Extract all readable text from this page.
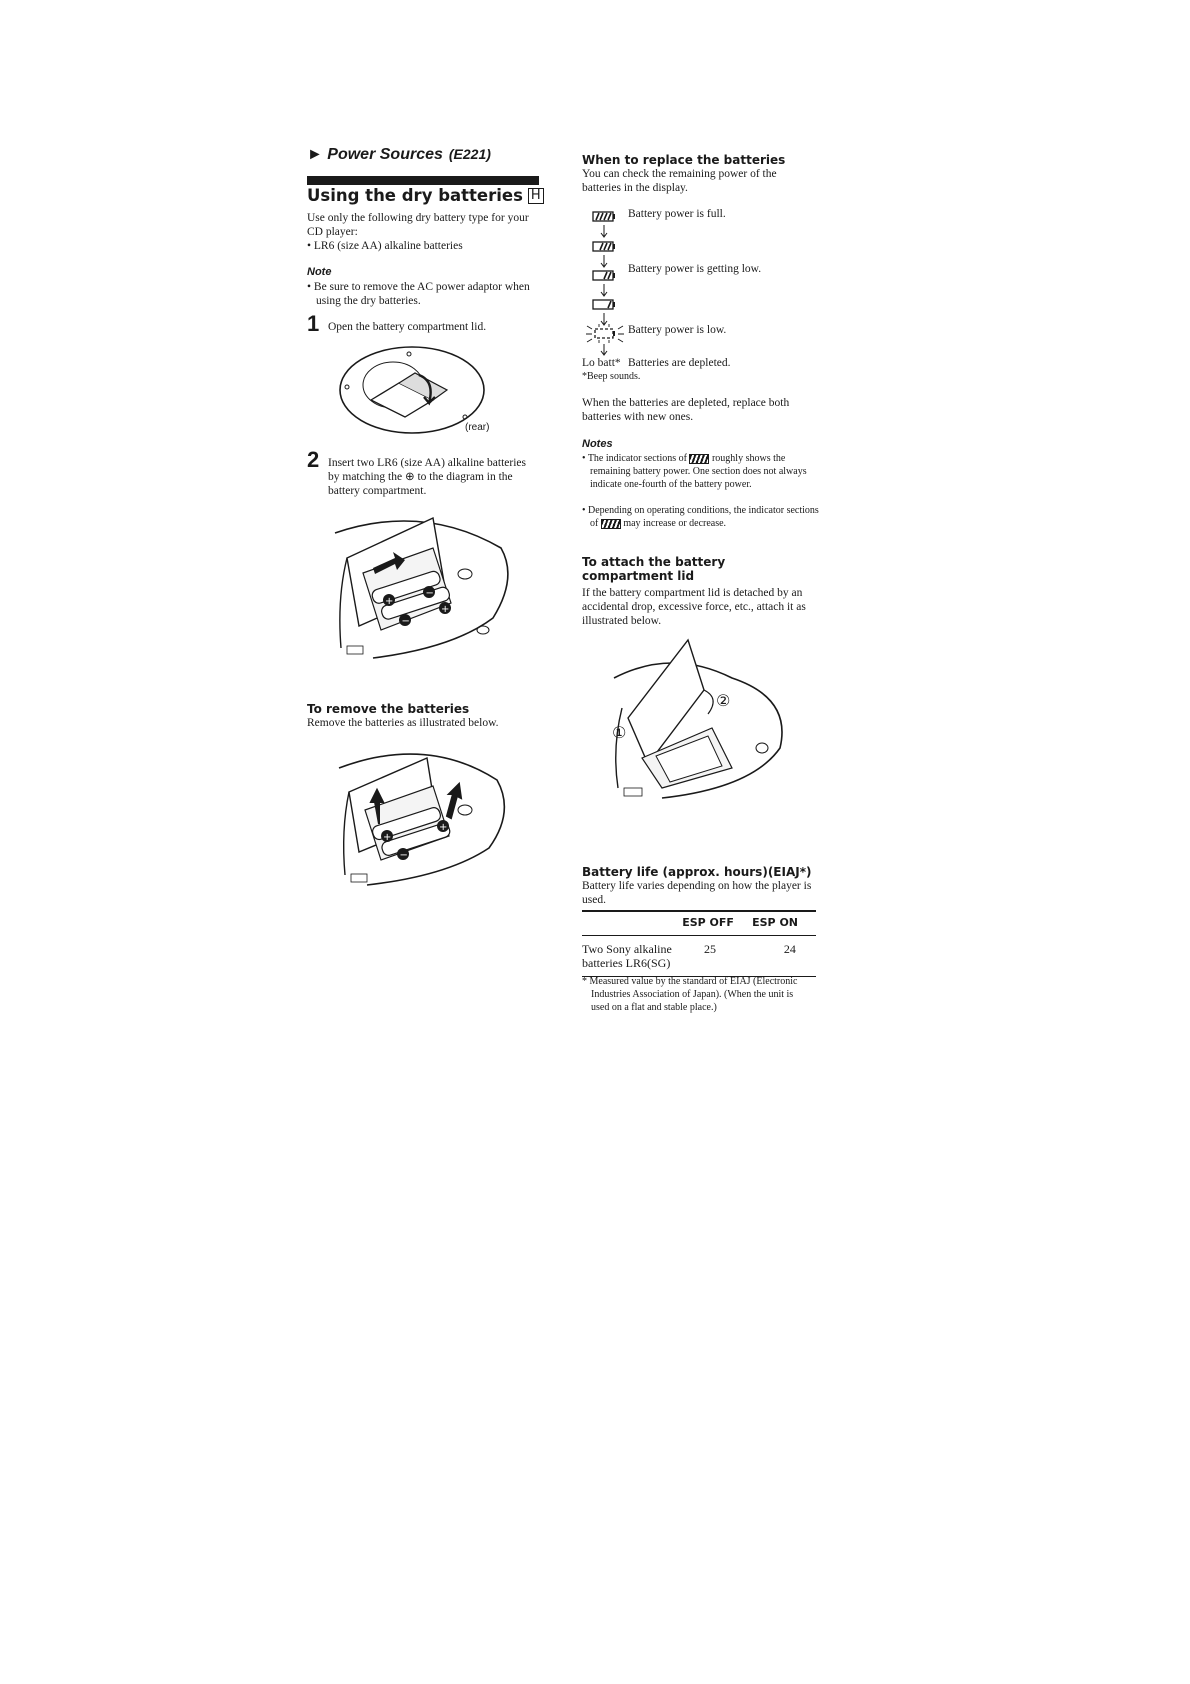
► Power Sources (E221)
Using the dry batteries H
Use only the following dry battery type for your CD player:
• LR6 (size AA) alkaline batteries
Note
• Be sure to remove the AC power adaptor when using the dry batteries.
1 Open the battery compartment lid.
(rear)
2 Insert two LR6 (size AA) alkaline batteries by matching the ⊕ to the diagram in the battery compartment.
+
−
+
−
To remove the batteries
Remove the batteries as illustrated below.
+
+
−
When to replace the batteries
You can check the remaining power of the batteries in the display.
Battery power is full.
Battery power is getting low.
Battery power is low.
Lo batt* Batteries are depleted.
*Beep sounds.
When the batteries are depleted, replace both batteries with new ones.
Notes
• The indicator sections of	roughly shows the remaining battery power. One section does not always indicate one-fourth of the battery power.
• Depending on operating conditions, the indicator sections of	may increase or decrease.
To attach the battery compartment lid
If the battery compartment lid is detached by an accidental drop, excessive force, etc., attach it as illustrated below.
②
①
Battery life (approx. hours)(EIAJ*)
Battery life varies depending on how the player is used.
	ESP OFF	ESP ON
Two Sony alkaline batteries LR6(SG)	25	24
* Measured value by the standard of EIAJ (Electronic Industries Association of Japan). (When the unit is used on a flat and stable place.)
